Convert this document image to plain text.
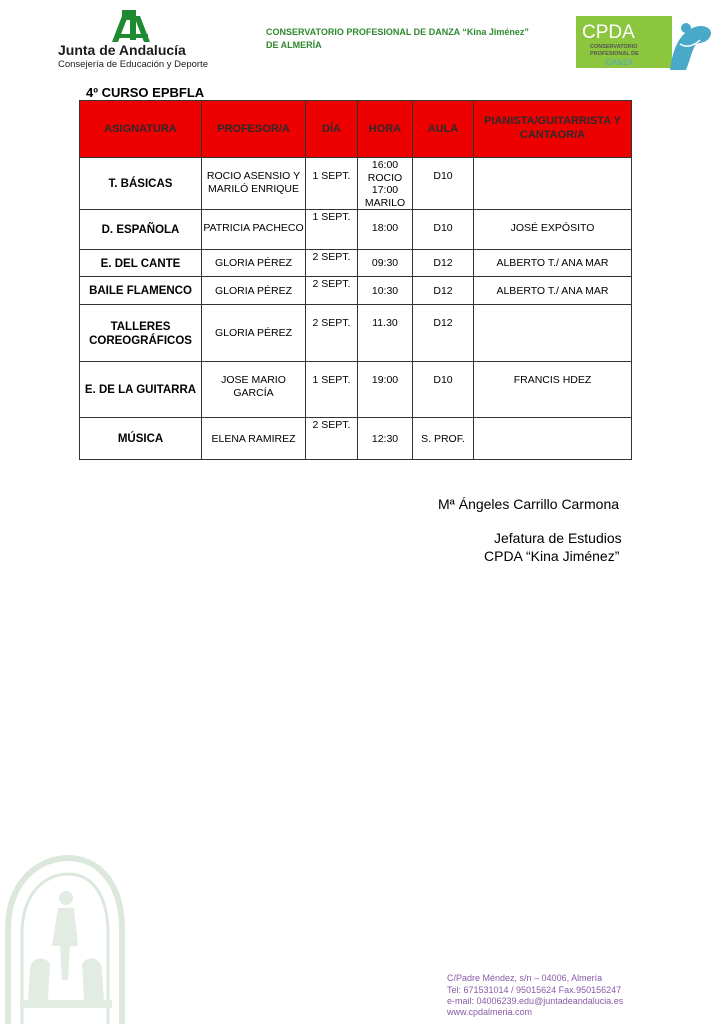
Junta de Andalucía
Consejería de Educación y Deporte
CONSERVATORIO PROFESIONAL DE DANZA “Kina Jiménez”
DE ALMERÍA
CPDA
CONSERVATORIO
PROFESIONAL DE
DANZA
4º CURSO EPBFLA
ASIGNATURA	PROFESOR/A	DÍA	HORA	AULA	PIANISTA/GUITARRISTA Y CANTAOR/A
T. BÁSICAS	ROCIO ASENSIO Y MARILÓ ENRIQUE	1 SEPT.	16:00 ROCIO 17:00 MARILO	D10	
D. ESPAÑOLA	PATRICIA PACHECO	1 SEPT.	18:00	D10	JOSÉ EXPÓSITO
E. DEL CANTE	GLORIA PÉREZ	2 SEPT.	09:30	D12	ALBERTO T./ ANA MAR
BAILE FLAMENCO	GLORIA PÉREZ	2 SEPT.	10:30	D12	ALBERTO T./ ANA MAR
TALLERES COREOGRÁFICOS	GLORIA PÉREZ	2 SEPT.	11.30	D12	
E. DE LA GUITARRA	JOSE MARIO GARCÍA	1 SEPT.	19:00	D10	FRANCIS HDEZ
MÚSICA	ELENA RAMIREZ	2 SEPT.	12:30	S. PROF.	
Mª Ángeles Carrillo Carmona
Jefatura de Estudios
CPDA “Kina Jiménez”
C/Padre Méndez, s/n – 04006, Almería
Tel: 671531014 / 95015624 Fax.950156247
e-mail: 04006239.edu@juntadeandalucia.es
www.cpdalmeria.com
